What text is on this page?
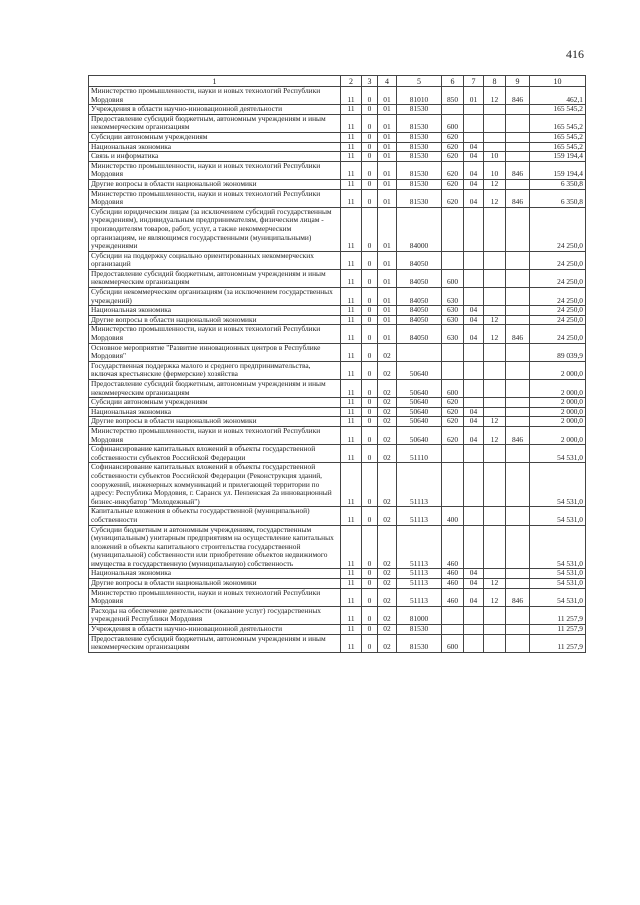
416
1	2	3	4	5	6	7	8	9	10
Министерство промышленности, науки и новых технологий Республики Мордовия	11	0	01	81010	850	01	12	846	462,1
Учреждения в области научно-инновационной деятельности	11	0	01	81530					165 545,2
Предоставление субсидий бюджетным, автономным учреждениям и иным некоммерческим организациям	11	0	01	81530	600				165 545,2
Субсидии автономным учреждениям	11	0	01	81530	620				165 545,2
Национальная экономика	11	0	01	81530	620	04			165 545,2
Связь и информатика	11	0	01	81530	620	04	10		159 194,4
Министерство промышленности, науки и новых технологий Республики Мордовия	11	0	01	81530	620	04	10	846	159 194,4
Другие вопросы в области национальной экономики	11	0	01	81530	620	04	12		6 350,8
Министерство промышленности, науки и новых технологий Республики Мордовия	11	0	01	81530	620	04	12	846	6 350,8
Субсидии юридическим лицам (за исключением субсидий государственным учреждениям), индивидуальным предпринимателям, физическим лицам - производителям товаров, работ, услуг, а также некоммерческим организациям, не являющимся государственными (муниципальными) учреждениями	11	0	01	84000					24 250,0
Субсидии на поддержку социально ориентированных некоммерческих организаций	11	0	01	84050					24 250,0
Предоставление субсидий бюджетным, автономным учреждениям и иным некоммерческим организациям	11	0	01	84050	600				24 250,0
Субсидии некоммерческим организациям (за исключением государственных учреждений)	11	0	01	84050	630				24 250,0
Национальная экономика	11	0	01	84050	630	04			24 250,0
Другие вопросы в области национальной экономики	11	0	01	84050	630	04	12		24 250,0
Министерство промышленности, науки и новых технологий Республики Мордовия	11	0	01	84050	630	04	12	846	24 250,0
Основное мероприятие "Развитие инновационных центров в Республике Мордовия"	11	0	02						89 039,9
Государственная поддержка малого и среднего предпринимательства, включая крестьянские (фермерские) хозяйства	11	0	02	50640					2 000,0
Предоставление субсидий бюджетным, автономным учреждениям и иным некоммерческим организациям	11	0	02	50640	600				2 000,0
Субсидии автономным учреждениям	11	0	02	50640	620				2 000,0
Национальная экономика	11	0	02	50640	620	04			2 000,0
Другие вопросы в области национальной экономики	11	0	02	50640	620	04	12		2 000,0
Министерство промышленности, науки и новых технологий Республики Мордовия	11	0	02	50640	620	04	12	846	2 000,0
Софинансирование капитальных вложений в объекты государственной собственности субъектов Российской Федерации	11	0	02	51110					54 531,0
Софинансирование капитальных вложений в объекты государственной собственности субъектов Российской Федерации (Реконструкция зданий, сооружений, инженерных коммуникаций и прилегающей территории по адресу: Республика Мордовия, г. Саранск ул. Пензенская 2а инновационный бизнес-инкубатор "Молодежный")	11	0	02	51113					54 531,0
Капитальные вложения в объекты государственной (муниципальной) собственности	11	0	02	51113	400				54 531,0
Субсидии бюджетным и автономным учреждениям, государственным (муниципальным) унитарным предприятиям на осуществление капитальных вложений в объекты капитального строительства государственной (муниципальной) собственности или приобретение объектов недвижимого имущества в государственную (муниципальную) собственность	11	0	02	51113	460				54 531,0
Национальная экономика	11	0	02	51113	460	04			54 531,0
Другие вопросы в области национальной экономики	11	0	02	51113	460	04	12		54 531,0
Министерство промышленности, науки и новых технологий Республики Мордовия	11	0	02	51113	460	04	12	846	54 531,0
Расходы на обеспечение деятельности (оказание услуг) государственных учреждений Республики Мордовия	11	0	02	81000					11 257,9
Учреждения в области научно-инновационной деятельности	11	0	02	81530					11 257,9
Предоставление субсидий бюджетным, автономным учреждениям и иным некоммерческим организациям	11	0	02	81530	600				11 257,9
